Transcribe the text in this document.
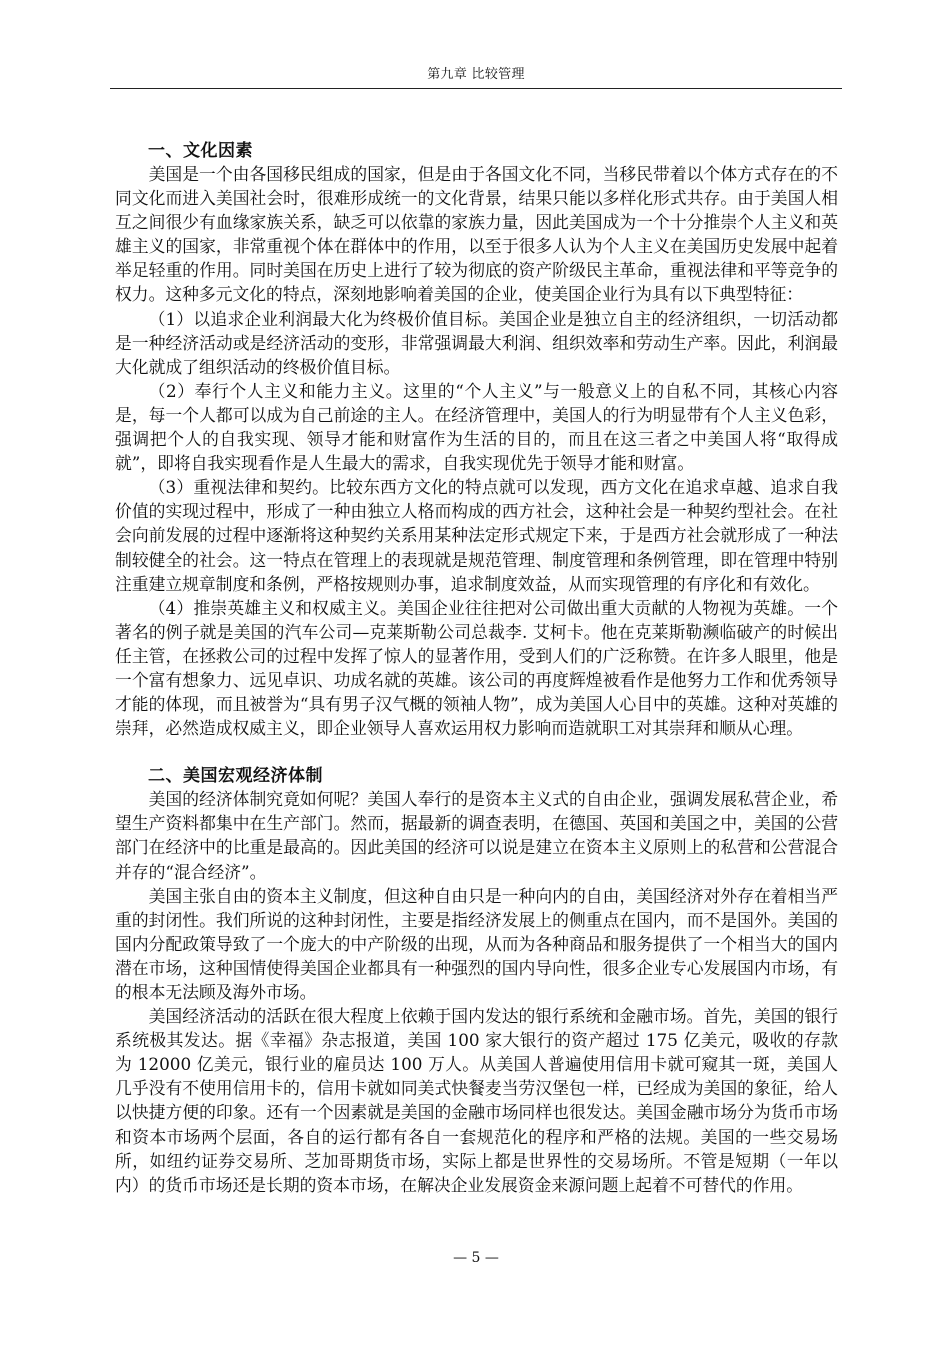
第九章 比较管理
一、文化因素

美国是一个由各国移民组成的国家，但是由于各国文化不同，当移民带着以个体方式存在的不同文化而进入美国社会时，很难形成统一的文化背景，结果只能以多样化形式共存。由于美国人相互之间很少有血缘家族关系，缺乏可以依靠的家族力量，因此美国成为一个十分推崇个人主义和英雄主义的国家，非常重视个体在群体中的作用，以至于很多人认为个人主义在美国历史发展中起着举足轻重的作用。同时美国在历史上进行了较为彻底的资产阶级民主革命，重视法律和平等竞争的权力。这种多元文化的特点，深刻地影响着美国的企业，使美国企业行为具有以下典型特征：

（1）以追求企业利润最大化为终极价值目标。美国企业是独立自主的经济组织，一切活动都是一种经济活动或是经济活动的变形，非常强调最大利润、组织效率和劳动生产率。因此，利润最大化就成了组织活动的终极价值目标。

（2）奉行个人主义和能力主义。这里的“个人主义”与一般意义上的自私不同，其核心内容是，每一个人都可以成为自己前途的主人。在经济管理中，美国人的行为明显带有个人主义色彩，强调把个人的自我实现、领导才能和财富作为生活的目的，而且在这三者之中美国人将“取得成就”，即将自我实现看作是人生最大的需求，自我实现优先于领导才能和财富。

（3）重视法律和契约。比较东西方文化的特点就可以发现，西方文化在追求卓越、追求自我价值的实现过程中，形成了一种由独立人格而构成的西方社会，这种社会是一种契约型社会。在社会向前发展的过程中逐渐将这种契约关系用某种法定形式规定下来，于是西方社会就形成了一种法制较健全的社会。这一特点在管理上的表现就是规范管理、制度管理和条例管理，即在管理中特别注重建立规章制度和条例，严格按规则办事，追求制度效益，从而实现管理的有序化和有效化。

（4）推崇英雄主义和权威主义。美国企业往往把对公司做出重大贡献的人物视为英雄。一个著名的例子就是美国的汽车公司—克莱斯勒公司总裁李. 艾柯卡。他在克莱斯勒濒临破产的时候出任主管，在拯救公司的过程中发挥了惊人的显著作用，受到人们的广泛称赞。在许多人眼里，他是一个富有想象力、远见卓识、功成名就的英雄。该公司的再度辉煌被看作是他努力工作和优秀领导才能的体现，而且被誉为“具有男子汉气概的领袖人物”，成为美国人心目中的英雄。这种对英雄的崇拜，必然造成权威主义，即企业领导人喜欢运用权力影响而造就职工对其崇拜和顺从心理。

二、美国宏观经济体制

美国的经济体制究竟如何呢？美国人奉行的是资本主义式的自由企业，强调发展私营企业，希望生产资料都集中在生产部门。然而，据最新的调查表明，在德国、英国和美国之中，美国的公营部门在经济中的比重是最高的。因此美国的经济可以说是建立在资本主义原则上的私营和公营混合并存的“混合经济”。

美国主张自由的资本主义制度，但这种自由只是一种向内的自由，美国经济对外存在着相当严重的封闭性。我们所说的这种封闭性，主要是指经济发展上的侧重点在国内，而不是国外。美国的国内分配政策导致了一个庞大的中产阶级的出现，从而为各种商品和服务提供了一个相当大的国内潜在市场，这种国情使得美国企业都具有一种强烈的国内导向性，很多企业专心发展国内市场，有的根本无法顾及海外市场。

美国经济活动的活跃在很大程度上依赖于国内发达的银行系统和金融市场。首先，美国的银行系统极其发达。据《幸福》杂志报道，美国 100 家大银行的资产超过 175 亿美元，吸收的存款为 12000 亿美元，银行业的雇员达 100 万人。从美国人普遍使用信用卡就可窥其一斑，美国人几乎没有不使用信用卡的，信用卡就如同美式快餐麦当劳汉堡包一样，已经成为美国的象征，给人以快捷方便的印象。还有一个因素就是美国的金融市场同样也很发达。美国金融市场分为货币市场和资本市场两个层面，各自的运行都有各自一套规范化的程序和严格的法规。美国的一些交易场所，如纽约证券交易所、芝加哥期货市场，实际上都是世界性的交易场所。不管是短期（一年以内）的货币市场还是长期的资本市场，在解决企业发展资金来源问题上起着不可替代的作用。

— 5 —
